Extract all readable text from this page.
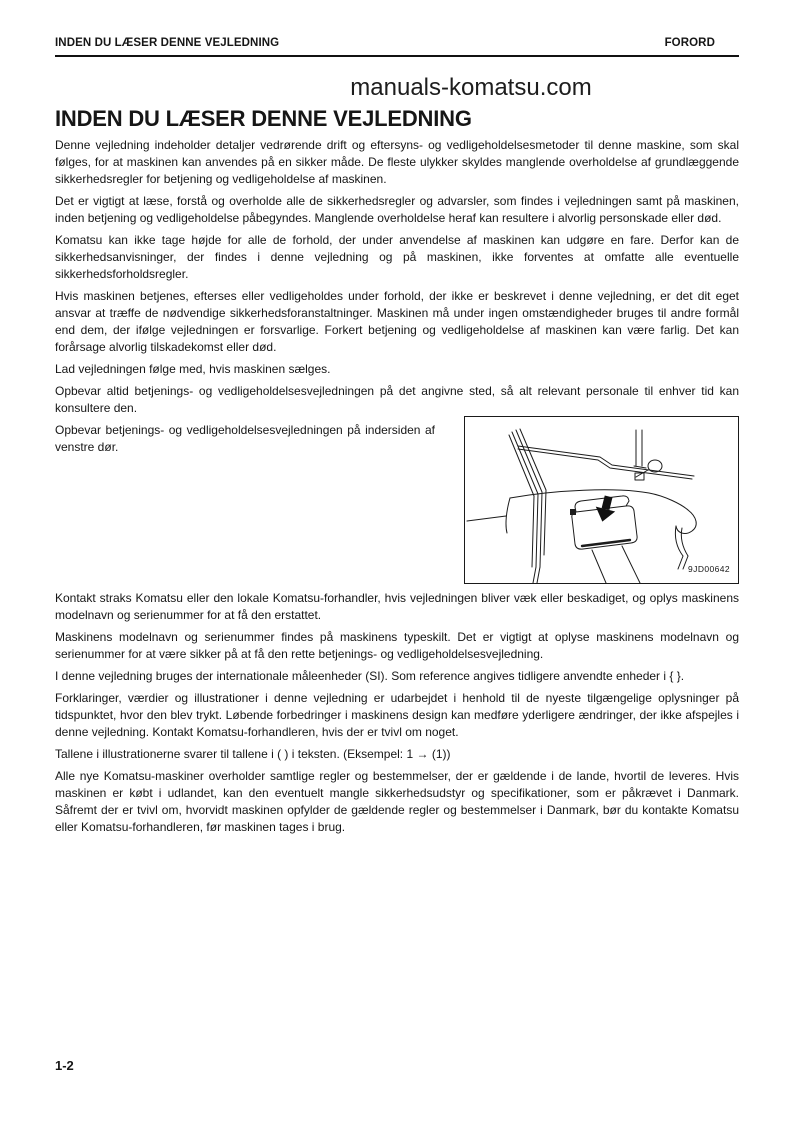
INDEN DU LÆSER DENNE VEJLEDNING	FORORD
manuals-komatsu.com
INDEN DU LÆSER DENNE VEJLEDNING

Denne vejledning indeholder detaljer vedrørende drift og eftersyns- og vedligeholdelsesmetoder til denne maskine, som skal følges, for at maskinen kan anvendes på en sikker måde. De fleste ulykker skyldes manglende overholdelse af grundlæggende sikkerhedsregler for betjening og vedligeholdelse af maskinen.

Det er vigtigt at læse, forstå og overholde alle de sikkerhedsregler og advarsler, som findes i vejledningen samt på maskinen, inden betjening og vedligeholdelse påbegyndes. Manglende overholdelse heraf kan resultere i alvorlig personskade eller død.

Komatsu kan ikke tage højde for alle de forhold, der under anvendelse af maskinen kan udgøre en fare. Derfor kan de sikkerhedsanvisninger, der findes i denne vejledning og på maskinen, ikke forventes at omfatte alle eventuelle sikkerhedsforholdsregler.

Hvis maskinen betjenes, efterses eller vedligeholdes under forhold, der ikke er beskrevet i denne vejledning, er det dit eget ansvar at træffe de nødvendige sikkerhedsforanstaltninger. Maskinen må under ingen omstændigheder bruges til andre formål end dem, der ifølge vejledningen er forsvarlige. Forkert betjening og vedligeholdelse af maskinen kan være farlig. Det kan forårsage alvorlig tilskadekomst eller død.

Lad vejledningen følge med, hvis maskinen sælges.

Opbevar altid betjenings- og vedligeholdelsesvejledningen på det angivne sted, så alt relevant personale til enhver tid kan konsultere den.

Opbevar betjenings- og vedligeholdelsesvejledningen på indersiden af venstre dør.

9JD00642

Kontakt straks Komatsu eller den lokale Komatsu-forhandler, hvis vejledningen bliver væk eller beskadiget, og oplys maskinens modelnavn og serienummer for at få den erstattet.

Maskinens modelnavn og serienummer findes på maskinens typeskilt. Det er vigtigt at oplyse maskinens modelnavn og serienummer for at være sikker på at få den rette betjenings- og vedligeholdelsesvejledning.

I denne vejledning bruges der internationale måleenheder (SI). Som reference angives tidligere anvendte enheder i { }.

Forklaringer, værdier og illustrationer i denne vejledning er udarbejdet i henhold til de nyeste tilgængelige oplysninger på tidspunktet, hvor den blev trykt. Løbende forbedringer i maskinens design kan medføre yderligere ændringer, der ikke afspejles i denne vejledning. Kontakt Komatsu-forhandleren, hvis der er tvivl om noget.

Tallene i illustrationerne svarer til tallene i ( ) i teksten. (Eksempel: 1 → (1))

Alle nye Komatsu-maskiner overholder samtlige regler og bestemmelser, der er gældende i de lande, hvortil de leveres. Hvis maskinen er købt i udlandet, kan den eventuelt mangle sikkerhedsudstyr og specifikationer, som er påkrævet i Danmark. Såfremt der er tvivl om, hvorvidt maskinen opfylder de gældende regler og bestemmelser i Danmark, bør du kontakte Komatsu eller Komatsu-forhandleren, før maskinen tages i brug.

1-2
